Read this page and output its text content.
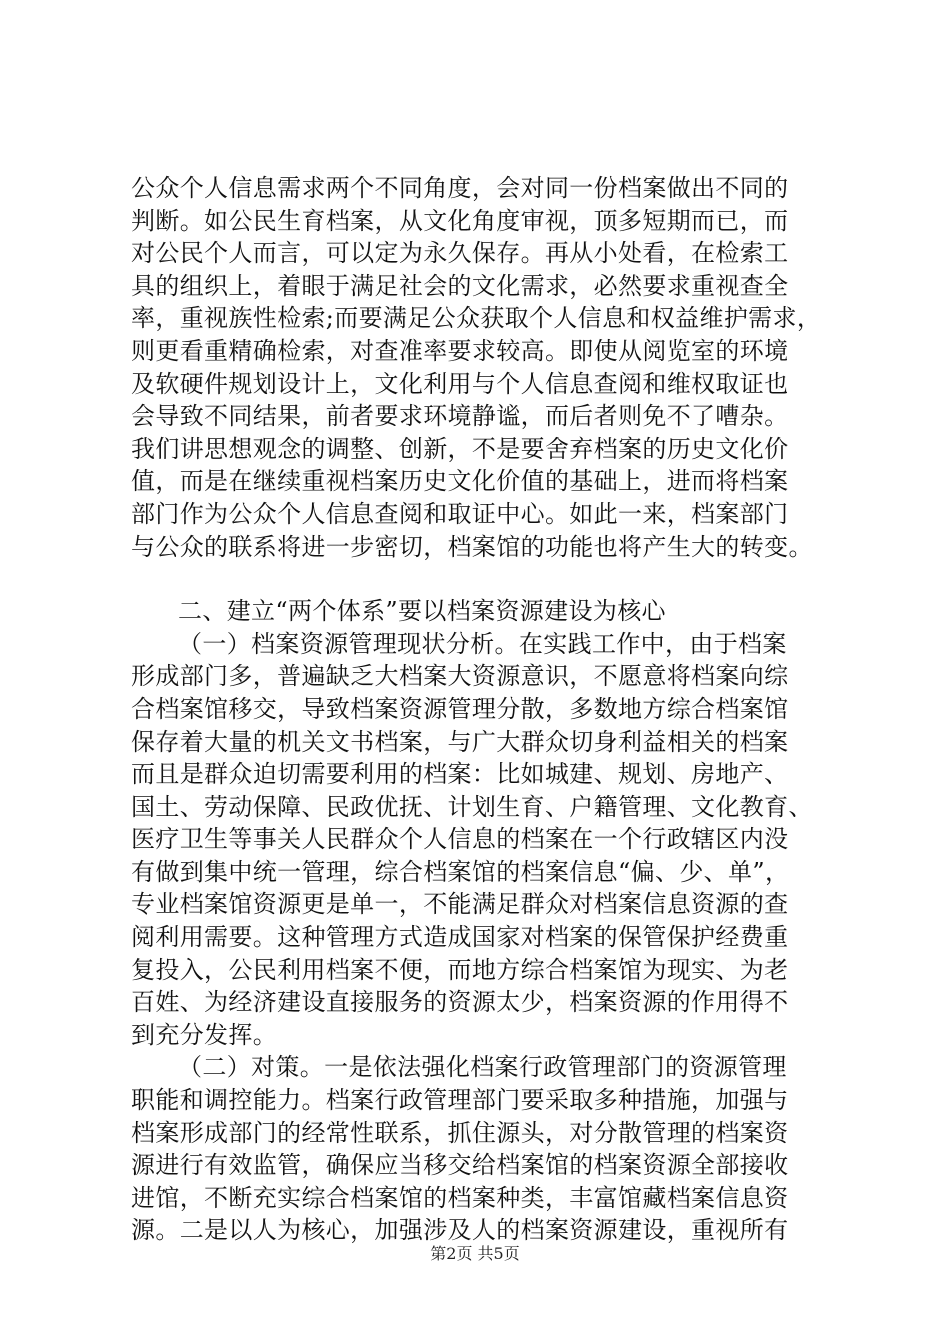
公众个人信息需求两个不同角度，会对同一份档案做出不同的
判断。如公民生育档案，从文化角度审视，顶多短期而已，而
对公民个人而言，可以定为永久保存。再从小处看，在检索工
具的组织上，着眼于满足社会的文化需求，必然要求重视查全
率，重视族性检索;而要满足公众获取个人信息和权益维护需求，
则更看重精确检索，对查准率要求较高。即使从阅览室的环境
及软硬件规划设计上，文化利用与个人信息查阅和维权取证也
会导致不同结果，前者要求环境静谧，而后者则免不了嘈杂。
我们讲思想观念的调整、创新，不是要舍弃档案的历史文化价
值，而是在继续重视档案历史文化价值的基础上，进而将档案
部门作为公众个人信息查阅和取证中心。如此一来，档案部门
与公众的联系将进一步密切，档案馆的功能也将产生大的转变。
二、建立“两个体系”要以档案资源建设为核心
（一）档案资源管理现状分析。在实践工作中，由于档案
形成部门多，普遍缺乏大档案大资源意识，不愿意将档案向综
合档案馆移交，导致档案资源管理分散，多数地方综合档案馆
保存着大量的机关文书档案，与广大群众切身利益相关的档案
而且是群众迫切需要利用的档案：比如城建、规划、房地产、
国土、劳动保障、民政优抚、计划生育、户籍管理、文化教育、
医疗卫生等事关人民群众个人信息的档案在一个行政辖区内没
有做到集中统一管理，综合档案馆的档案信息“偏、少、单”，
专业档案馆资源更是单一，不能满足群众对档案信息资源的查
阅利用需要。这种管理方式造成国家对档案的保管保护经费重
复投入，公民利用档案不便，而地方综合档案馆为现实、为老
百姓、为经济建设直接服务的资源太少，档案资源的作用得不
到充分发挥。
（二）对策。一是依法强化档案行政管理部门的资源管理
职能和调控能力。档案行政管理部门要采取多种措施，加强与
档案形成部门的经常性联系，抓住源头，对分散管理的档案资
源进行有效监管，确保应当移交给档案馆的档案资源全部接收
进馆，不断充实综合档案馆的档案种类，丰富馆藏档案信息资
源。二是以人为核心，加强涉及人的档案资源建设，重视所有
第2页 共5页
